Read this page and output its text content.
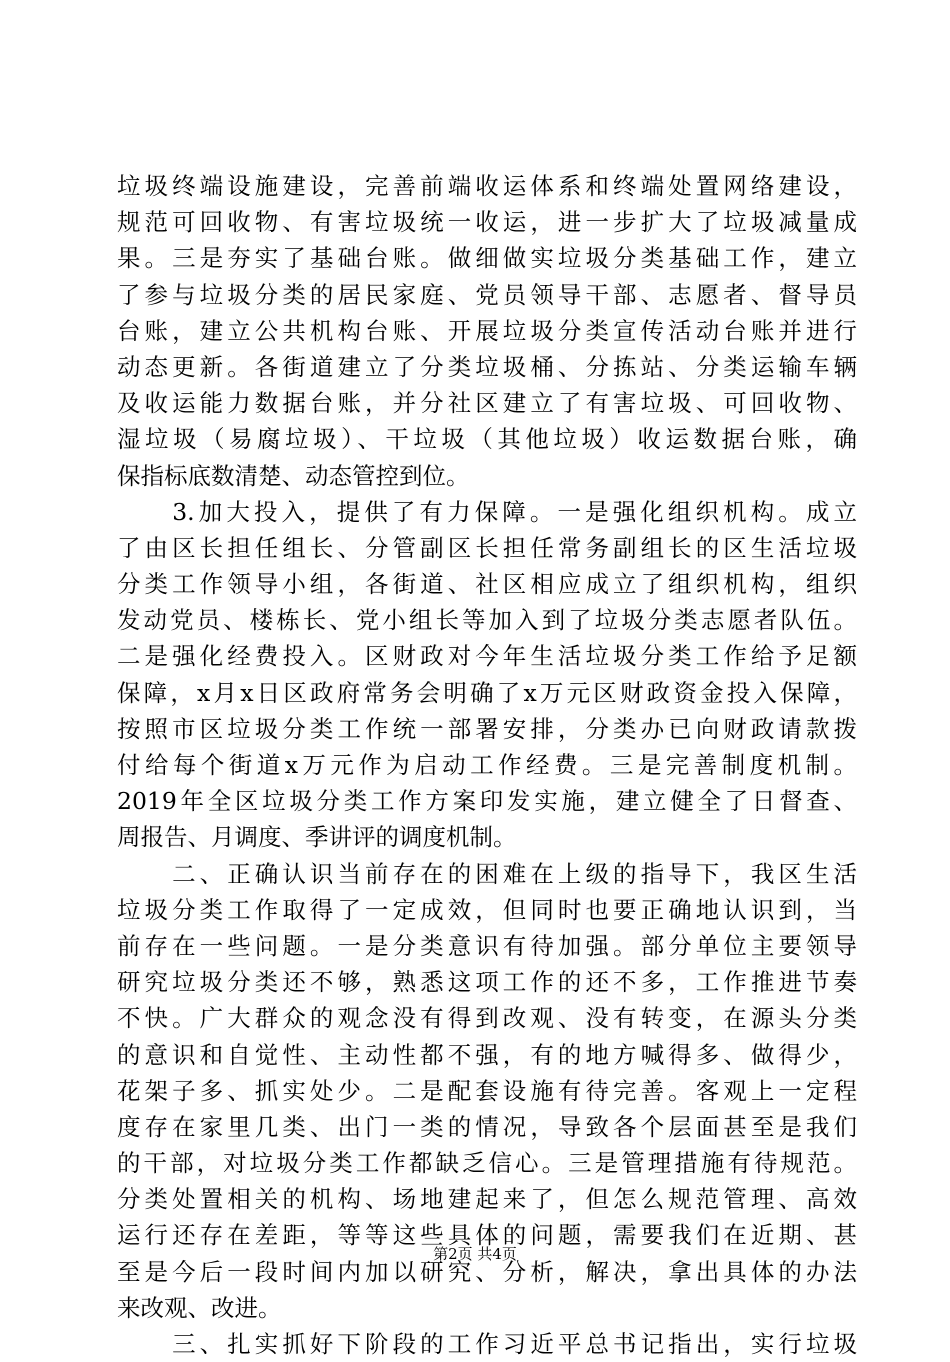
垃圾终端设施建设，完善前端收运体系和终端处置网络建设，
规范可回收物、有害垃圾统一收运，进一步扩大了垃圾减量成
果。三是夯实了基础台账。做细做实垃圾分类基础工作，建立
了参与垃圾分类的居民家庭、党员领导干部、志愿者、督导员
台账，建立公共机构台账、开展垃圾分类宣传活动台账并进行
动态更新。各街道建立了分类垃圾桶、分拣站、分类运输车辆
及收运能力数据台账，并分社区建立了有害垃圾、可回收物、
湿垃圾（易腐垃圾）、干垃圾（其他垃圾）收运数据台账，确
保指标底数清楚、动态管控到位。
　　3.加大投入，提供了有力保障。一是强化组织机构。成立
了由区长担任组长、分管副区长担任常务副组长的区生活垃圾
分类工作领导小组，各街道、社区相应成立了组织机构，组织
发动党员、楼栋长、党小组长等加入到了垃圾分类志愿者队伍。
二是强化经费投入。区财政对今年生活垃圾分类工作给予足额
保障，x月x日区政府常务会明确了x万元区财政资金投入保障，
按照市区垃圾分类工作统一部署安排，分类办已向财政请款拨
付给每个街道x万元作为启动工作经费。三是完善制度机制。
2019年全区垃圾分类工作方案印发实施，建立健全了日督查、
周报告、月调度、季讲评的调度机制。
　　二、正确认识当前存在的困难在上级的指导下，我区生活
垃圾分类工作取得了一定成效，但同时也要正确地认识到，当
前存在一些问题。一是分类意识有待加强。部分单位主要领导
研究垃圾分类还不够，熟悉这项工作的还不多，工作推进节奏
不快。广大群众的观念没有得到改观、没有转变，在源头分类
的意识和自觉性、主动性都不强，有的地方喊得多、做得少，
花架子多、抓实处少。二是配套设施有待完善。客观上一定程
度存在家里几类、出门一类的情况，导致各个层面甚至是我们
的干部，对垃圾分类工作都缺乏信心。三是管理措施有待规范。
分类处置相关的机构、场地建起来了，但怎么规范管理、高效
运行还存在差距，等等这些具体的问题，需要我们在近期、甚
至是今后一段时间内加以研究、分析，解决，拿出具体的办法
来改观、改进。
　　三、扎实抓好下阶段的工作习近平总书记指出，实行垃圾
第2页 共4页
